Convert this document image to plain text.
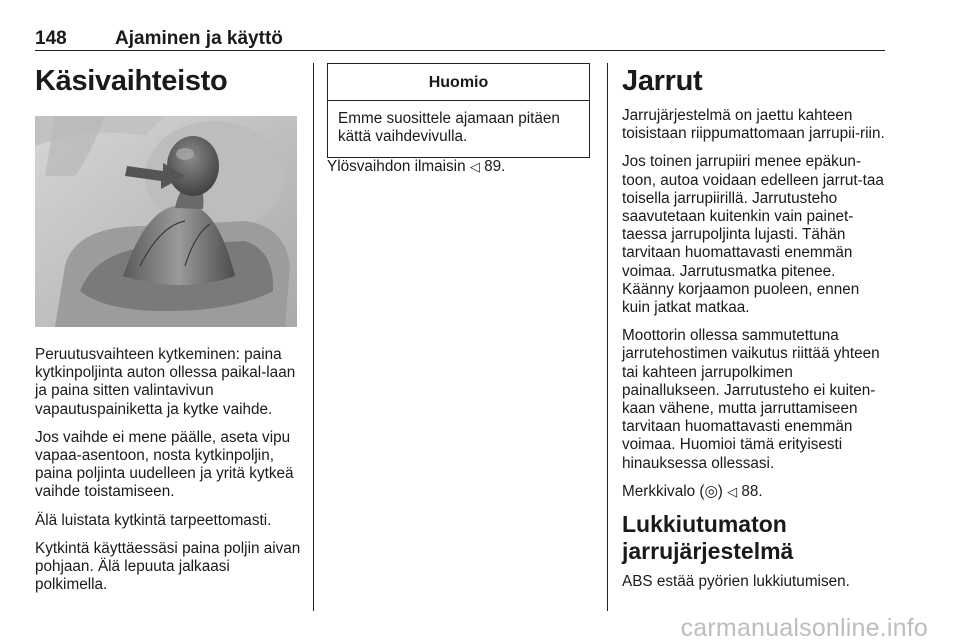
148	Ajaminen ja käyttö
Käsivaihteisto

Peruutusvaihteen kytkeminen: paina kytkinpoljinta auton ollessa paikal-laan ja paina sitten valintavivun vapautuspainiketta ja kytke vaihde.

Jos vaihde ei mene päälle, aseta vipu vapaa-asentoon, nosta kytkinpoljin, paina poljinta uudelleen ja yritä kytkeä vaihde toistamiseen.

Älä luistata kytkintä tarpeettomasti.

Kytkintä käyttäessäsi paina poljin aivan pohjaan. Älä lepuuta jalkaasi polkimella.

Huomio
Emme suosittele ajamaan pitäen kättä vaihdevivulla.

Ylösvaihdon ilmaisin ◁ 89.

Jarrut

Jarrujärjestelmä on jaettu kahteen toisistaan riippumattomaan jarrupii-riin.

Jos toinen jarrupiiri menee epäkun-toon, autoa voidaan edelleen jarrut-taa toisella jarrupiirillä. Jarrutusteho saavutetaan kuitenkin vain painet-taessa jarrupoljinta lujasti. Tähän tarvitaan huomattavasti enemmän voimaa. Jarrutusmatka pitenee. Käänny korjaamon puoleen, ennen kuin jatkat matkaa.

Moottorin ollessa sammutettuna jarrutehostimen vaikutus riittää yhteen tai kahteen jarrupolkimen painallukseen. Jarrutusteho ei kuiten-kaan vähene, mutta jarruttamiseen tarvitaan huomattavasti enemmän voimaa. Huomioi tämä erityisesti hinauksessa ollessasi.

Merkkivalo (◎) ◁ 88.

Lukkiutumaton
jarrujärjestelmä

ABS estää pyörien lukkiutumisen.

carmanualsonline.info
